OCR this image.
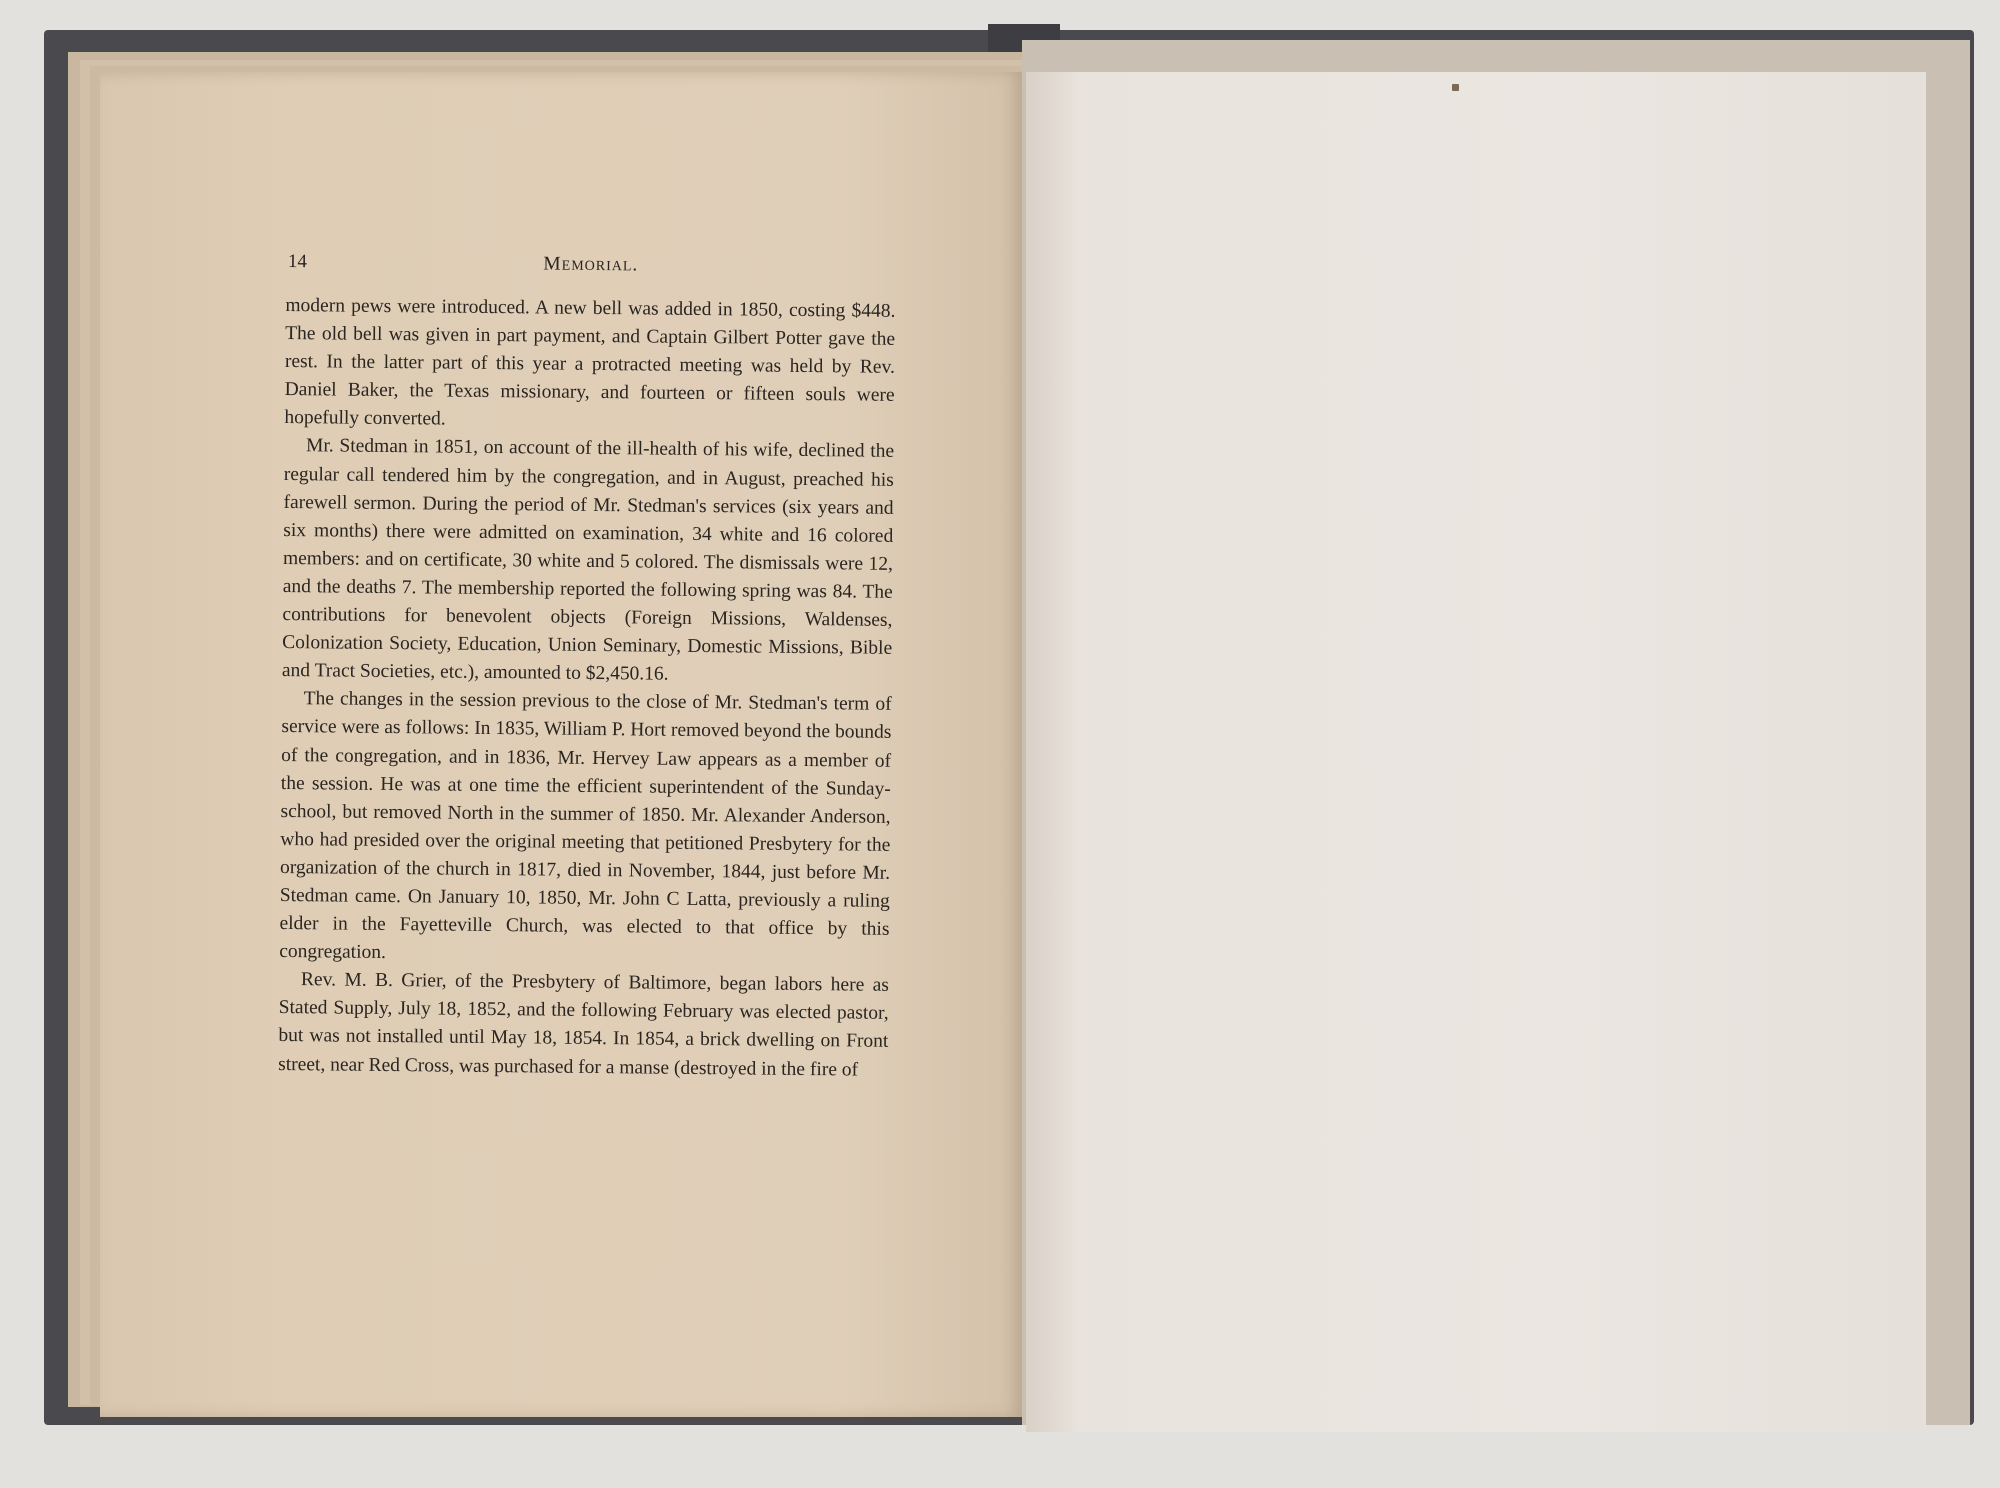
14	Memorial.

modern pews were introduced. A new bell was added in 1850, costing $448. The old bell was given in part payment, and Captain Gilbert Potter gave the rest. In the latter part of this year a protracted meeting was held by Rev. Daniel Baker, the Texas missionary, and fourteen or fifteen souls were hopefully converted.

Mr. Stedman in 1851, on account of the ill-health of his wife, declined the regular call tendered him by the congregation, and in August, preached his farewell sermon. During the period of Mr. Stedman's services (six years and six months) there were admitted on examination, 34 white and 16 colored members: and on certificate, 30 white and 5 colored. The dismissals were 12, and the deaths 7. The membership reported the following spring was 84. The contributions for benevolent objects (Foreign Missions, Waldenses, Colonization Society, Education, Union Seminary, Domestic Missions, Bible and Tract Societies, etc.), amounted to $2,450.16.

The changes in the session previous to the close of Mr. Stedman's term of service were as follows: In 1835, William P. Hort removed beyond the bounds of the congregation, and in 1836, Mr. Hervey Law appears as a member of the session. He was at one time the efficient superintendent of the Sunday-school, but removed North in the summer of 1850. Mr. Alexander Anderson, who had presided over the original meeting that petitioned Presbytery for the organization of the church in 1817, died in November, 1844, just before Mr. Stedman came. On January 10, 1850, Mr. John C Latta, previously a ruling elder in the Fayetteville Church, was elected to that office by this congregation.

Rev. M. B. Grier, of the Presbytery of Baltimore, began labors here as Stated Supply, July 18, 1852, and the following February was elected pastor, but was not installed until May 18, 1854. In 1854, a brick dwelling on Front street, near Red Cross, was purchased for a manse (destroyed in the fire of
